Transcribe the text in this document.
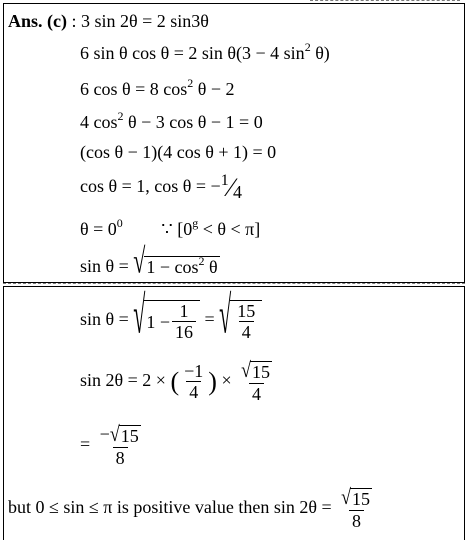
Ans. (c) : 3 sin 2θ = 2 sin3θ
6 sin θ cos θ = 2 sin θ(3 − 4 $\sin^2 \theta$)
6 cos θ = 8 $\cos^2 \theta - 2$
4 $\cos^2 \theta - 3$ cos θ − 1 = 0
(cos θ − 1)(4 cos θ + 1) = 0
cos θ = 1, cos θ = −1⁄4
$\theta = 0^0$ ∵ $[0^g < \theta < \pi]$
sin θ = √ $1 - \cos^2 \theta$
sin θ = √ $1 - \frac{1}{16}$ = √ $\frac{15}{4}$
sin 2θ = 2 × ( $\frac{-1}{4}$ ) × $\frac{√ 15}{4}$
= $\frac{- √ 15}{8}$
but 0 ≤ sin ≤ π is positive value then $\sin 2\theta = \frac{√ 15}{8}$
